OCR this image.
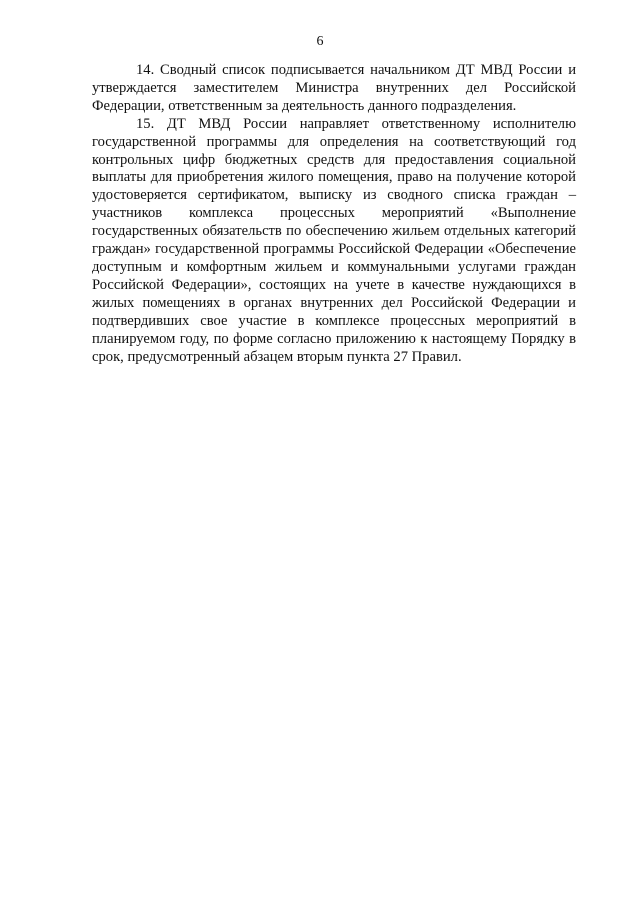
6

14. Сводный список подписывается начальником ДТ МВД России и утверждается заместителем Министра внутренних дел Российской Федерации, ответственным за деятельность данного подразделения.

15. ДТ МВД России направляет ответственному исполнителю государственной программы для определения на соответствующий год контрольных цифр бюджетных средств для предоставления социальной выплаты для приобретения жилого помещения, право на получение которой удостоверяется сертификатом, выписку из сводного списка граждан – участников комплекса процессных мероприятий «Выполнение государственных обязательств по обеспечению жильем отдельных категорий граждан» государственной программы Российской Федерации «Обеспечение доступным и комфортным жильем и коммунальными услугами граждан Российской Федерации», состоящих на учете в качестве нуждающихся в жилых помещениях в органах внутренних дел Российской Федерации и подтвердивших свое участие в комплексе процессных мероприятий в планируемом году, по форме согласно приложению к настоящему Порядку в срок, предусмотренный абзацем вторым пункта 27 Правил.
